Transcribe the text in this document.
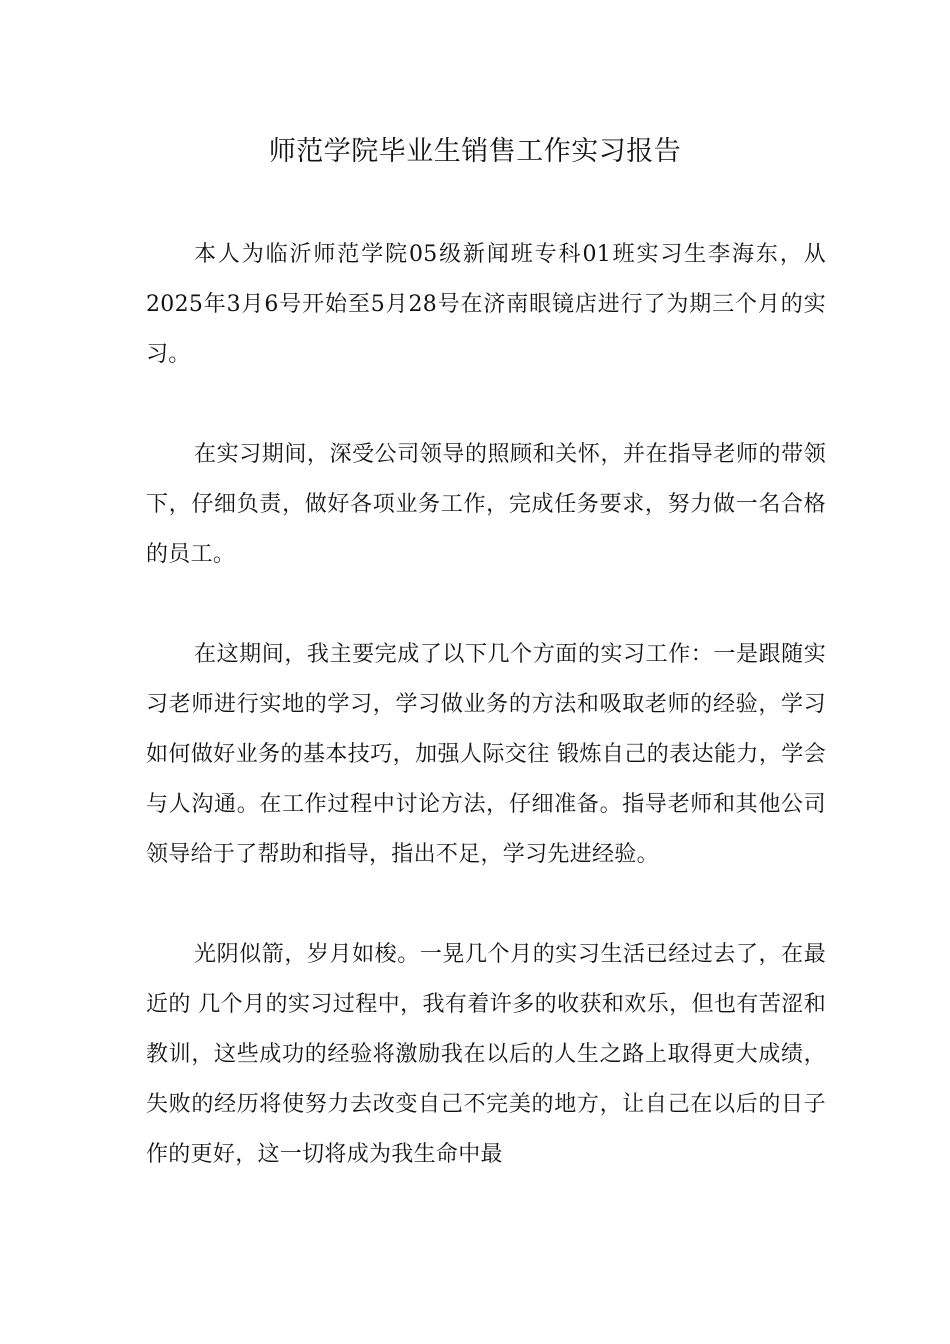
师范学院毕业生销售工作实习报告

本人为临沂师范学院05级新闻班专科01班实习生李海东，从2025年3月6号开始至5月28号在济南眼镜店进行了为期三个月的实习。

在实习期间，深受公司领导的照顾和关怀，并在指导老师的带领下，仔细负责，做好各项业务工作，完成任务要求，努力做一名合格的员工。

在这期间，我主要完成了以下几个方面的实习工作：一是跟随实习老师进行实地的学习，学习做业务的方法和吸取老师的经验，学习如何做好业务的基本技巧，加强人际交往 锻炼自己的表达能力，学会与人沟通。在工作过程中讨论方法，仔细准备。指导老师和其他公司领导给于了帮助和指导，指出不足，学习先进经验。

光阴似箭，岁月如梭。一晃几个月的实习生活已经过去了，在最近的 几个月的实习过程中，我有着许多的收获和欢乐，但也有苦涩和教训，这些成功的经验将激励我在以后的人生之路上取得更大成绩，失败的经历将使努力去改变自己不完美的地方，让自己在以后的日子作的更好，这一切将成为我生命中最
